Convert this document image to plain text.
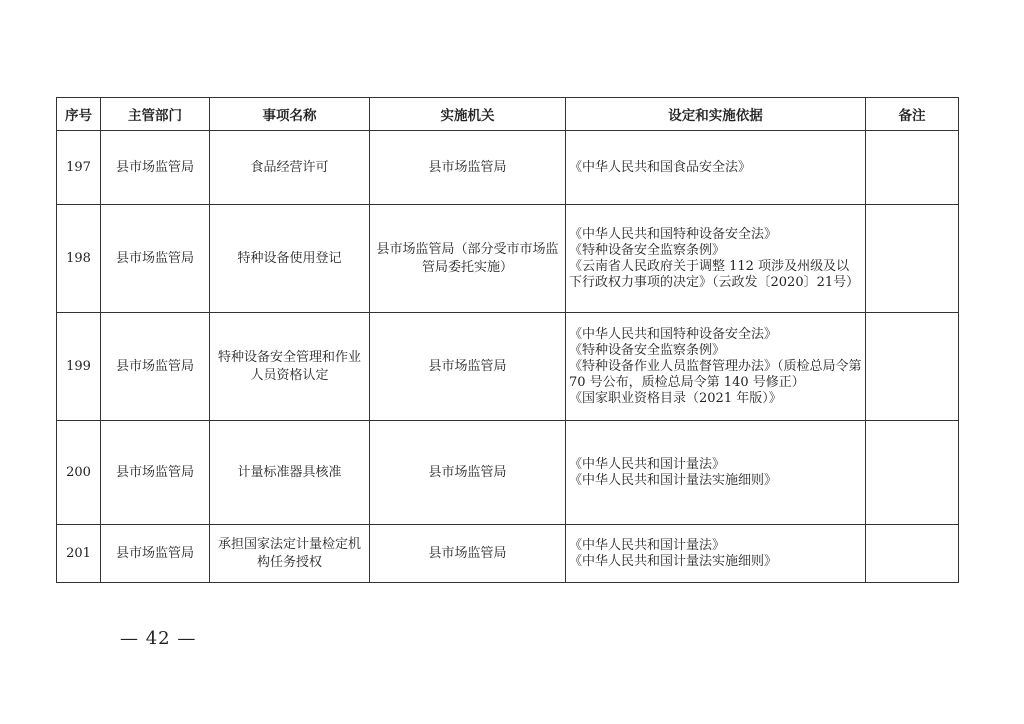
序号	主管部门	事项名称	实施机关	设定和实施依据	备注
197	县市场监管局	食品经营许可	县市场监管局	《中华人民共和国食品安全法》	

198	县市场监管局	特种设备使用登记	县市场监管局（部分受市市场监管局委托实施）	《中华人民共和国特种设备安全法》
《特种设备安全监察条例》
《云南省人民政府关于调整 112 项涉及州级及以下行政权力事项的决定》（云政发〔2020〕21号）	

199	县市场监管局	特种设备安全管理和作业人员资格认定	县市场监管局	《中华人民共和国特种设备安全法》
《特种设备安全监察条例》
《特种设备作业人员监督管理办法》（质检总局令第 70 号公布，质检总局令第 140 号修正）
《国家职业资格目录（2021 年版）》	

200	县市场监管局	计量标准器具核准	县市场监管局	《中华人民共和国计量法》
《中华人民共和国计量法实施细则》	

201	县市场监管局	承担国家法定计量检定机构任务授权	县市场监管局	《中华人民共和国计量法》
《中华人民共和国计量法实施细则》	

— 42 —
